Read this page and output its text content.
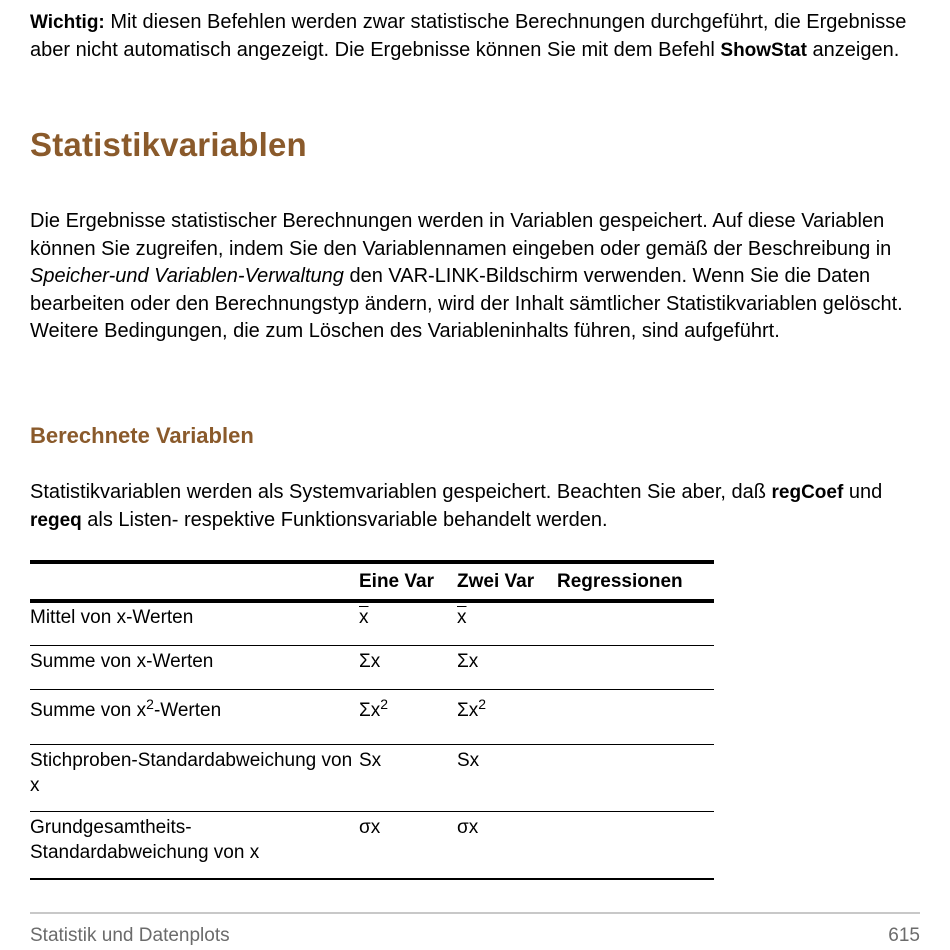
Wichtig: Mit diesen Befehlen werden zwar statistische Berechnungen durchgeführt, die Ergebnisse aber nicht automatisch angezeigt. Die Ergebnisse können Sie mit dem Befehl ShowStat anzeigen.

Statistikvariablen

Die Ergebnisse statistischer Berechnungen werden in Variablen gespeichert. Auf diese Variablen können Sie zugreifen, indem Sie den Variablennamen eingeben oder gemäß der Beschreibung in Speicher-und Variablen-Verwaltung den VAR-LINK-Bildschirm verwenden. Wenn Sie die Daten bearbeiten oder den Berechnungstyp ändern, wird der Inhalt sämtlicher Statistikvariablen gelöscht. Weitere Bedingungen, die zum Löschen des Variableninhalts führen, sind aufgeführt.

Berechnete Variablen

Statistikvariablen werden als Systemvariablen gespeichert. Beachten Sie aber, daß regCoef und regeq als Listen- respektive Funktionsvariable behandelt werden.

	Eine Var	Zwei Var	Regressionen
Mittel von x-Werten	$\overline{x}$	$\overline{x}$	
Summe von x-Werten	Σx	Σx	
Summe von $x^2$-Werten	$\Sigma x^2$	$\Sigma x^2$	
Stichproben-Standardabweichung von x	Sx	Sx	
Grundgesamtheits-Standardabweichung von x	σx	σx	
Statistik und Datenplots	615
